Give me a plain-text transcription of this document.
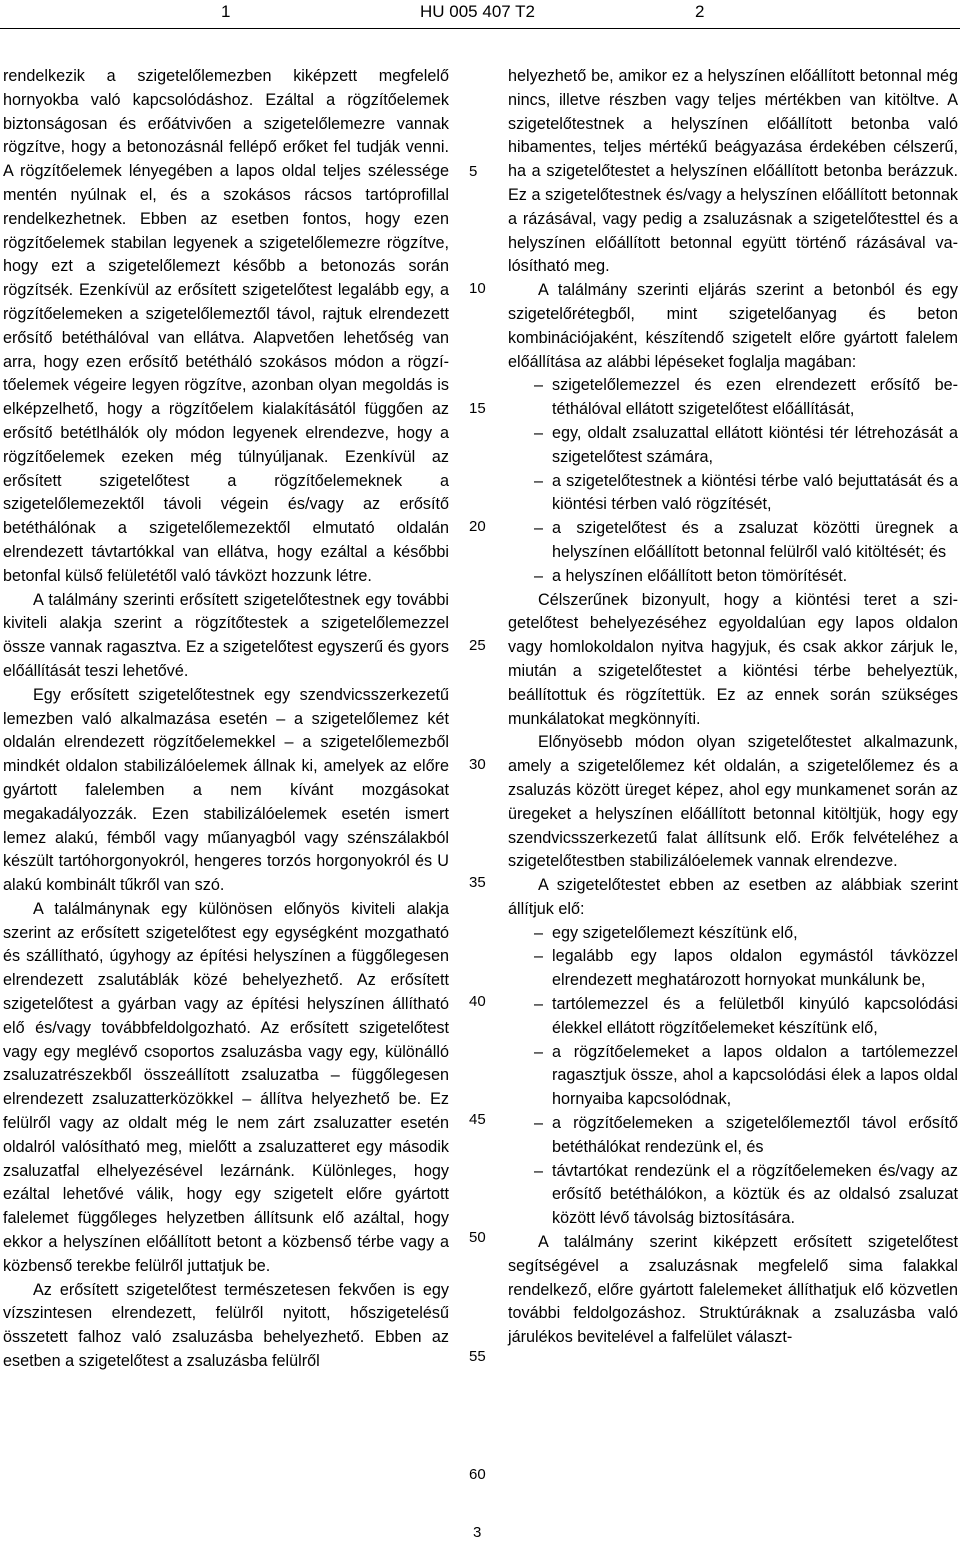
1	HU 005 407 T2	2

rendelkezik a szigetelőlemezben kiképzett megfelelő hornyokba való kapcsolódáshoz. Ezáltal a rögzítőelemek biztonságosan és erőátvivően a szigetelőlemezre vannak rögzítve, hogy a betonozásnál fellépő erőket fel tudják venni. A rögzítőelemek lényegében a lapos oldal teljes szélessége mentén nyúlnak el, és a szokásos rácsos tartóprofillal rendelkezhetnek. Ebben az esetben fontos, hogy ezen rögzítőelemek stabilan legyenek a szigetelőlemezre rögzítve, hogy ezt a szigetelőlemezt később a betonozás során rögzítsék. Ezenkívül az erősített szigetelőtest legalább egy, a rögzítőelemeken a szigetelőlemeztől távol, rajtuk elrendezett erősítő betéthálóval van ellátva. Alapvetően lehetőség van arra, hogy ezen erősítő betétháló szokásos módon a rögzítőelemek végeire legyen rögzítve, azonban olyan megoldás is elképzelhető, hogy a rögzítőelem kialakításától függően az erősítő betétlhálók oly módon legyenek elrendezve, hogy a rögzítőelemek ezeken még túlnyúljanak. Ezenkívül az erősített szigetelőtest a rögzítőelemeknek a szigetelőlemezektől távoli végein és/vagy az erősítő betéthálónak a szigetelőlemezektől elmutató oldalán elrendezett távtartókkal van ellátva, hogy ezáltal a későbbi betonfal külső felületétől való távközt hozzunk létre.

A találmány szerinti erősített szigetelőtestnek egy további kiviteli alakja szerint a rögzítőtestek a szigetelőlemezzel össze vannak ragasztva. Ez a szigetelőtest egyszerű és gyors előállítását teszi lehetővé.

Egy erősített szigetelőtestnek egy szendvicsszerkezetű lemezben való alkalmazása esetén – a szigetelőlemez két oldalán elrendezett rögzítőelemekkel – a szigetelőlemezből mindkét oldalon stabilizálóelemek állnak ki, amelyek az előre gyártott falelemben a nem kívánt mozgásokat megakadályozzák. Ezen stabilizálóelemek esetén ismert lemez alakú, fémből vagy műanyagból vagy szénszálakból készült tartóhorgonyokról, hengeres torzós horgonyokról és U alakú kombinált tűkről van szó.

A találmánynak egy különösen előnyös kiviteli alakja szerint az erősített szigetelőtest egy egységként mozgatható és szállítható, úgyhogy az építési helyszínen a függőlegesen elrendezett zsalutáblák közé behelyezhető. Az erősített szigetelőtest a gyárban vagy az építési helyszínen állítható elő és/vagy továbbfeldolgozható. Az erősített szigetelőtest vagy egy meglévő csoportos zsaluzásba vagy egy, különálló zsaluzatrészekből összeállított zsaluzatba – függőlegesen elrendezett zsaluzatterközökkel – állítva helyezhető be. Ez felülről vagy az oldalt még le nem zárt zsaluzatter esetén oldalról valósítható meg, mielőtt a zsaluzatteret egy második zsaluzatfal elhelyezésével lezárnánk. Különleges, hogy ezáltal lehetővé válik, hogy egy szigetelt előre gyártott falelemet függőleges helyzetben állítsunk elő azáltal, hogy ekkor a helyszínen előállított betont a közbenső térbe vagy a közbenső terekbe felülről juttatjuk be.

Az erősített szigetelőtest természetesen fekvően is egy vízszintesen elrendezett, felülről nyitott, hőszigetelésű összetett falhoz való zsaluzásba behelyezhető. Ebben az esetben a szigetelőtest a zsaluzásba felülről

5
10
15
20
25
30
35
40
45
50
55
60

helyezhető be, amikor ez a helyszínen előállított betonnal még nincs, illetve részben vagy teljes mértékben van kitöltve. A szigetelőtestnek a helyszínen előállított betonba való hibamentes, teljes mértékű beágyazása érdekében célszerű, ha a szigetelőtestet a helyszínen előállított betonba berázzuk. Ez a szigetelőtestnek és/vagy a helyszínen előállított betonnak a rázásával, vagy pedig a zsaluzásnak a szigetelőtesttel és a helyszínen előállított betonnal együtt történő rázásával valósítható meg.

A találmány szerinti eljárás szerint a betonból és egy szigetelőrétegből, mint szigetelőanyag és beton kombinációjaként, készítendő szigetelt előre gyártott falelem előállítása az alábbi lépéseket foglalja magában:

– szigetelőlemezzel és ezen elrendezett erősítő betéthálóval ellátott szigetelőtest előállítását,
– egy, oldalt zsaluzattal ellátott kiöntési tér létrehozását a szigetelőtest számára,
– a szigetelőtestnek a kiöntési térbe való bejuttatását és a kiöntési térben való rögzítését,
– a szigetelőtest és a zsaluzat közötti üregnek a helyszínen előállított betonnal felülről való kitöltését; és
– a helyszínen előállított beton tömörítését.

Célszerűnek bizonyult, hogy a kiöntési teret a szigetelőtest behelyezéséhez egyoldalúan egy lapos oldalon vagy homlokoldalon nyitva hagyjuk, és csak akkor zárjuk le, miután a szigetelőtestet a kiöntési térbe behelyeztük, beállítottuk és rögzítettük. Ez az ennek során szükséges munkálatokat megkönnyíti.

Előnyösebb módon olyan szigetelőtestet alkalmazunk, amely a szigetelőlemez két oldalán, a szigetelőlemez és a zsaluzás között üreget képez, ahol egy munkamenet során az üregeket a helyszínen előállított betonnal kitöltjük, hogy egy szendvicsszerkezetű falat állítsunk elő. Erők felvételéhez a szigetelőtestben stabilizálóelemek vannak elrendezve.

A szigetelőtestet ebben az esetben az alábbiak szerint állítjuk elő:

– egy szigetelőlemezt készítünk elő,
– legalább egy lapos oldalon egymástól távközzel elrendezett meghatározott hornyokat munkálunk be,
– tartólemezzel és a felületből kinyúló kapcsolódási élekkel ellátott rögzítőelemeket készítünk elő,
– a rögzítőelemeket a lapos oldalon a tartólemezzel ragasztjuk össze, ahol a kapcsolódási élek a lapos oldal hornyaiba kapcsolódnak,
– a rögzítőelemeken a szigetelőlemeztől távol erősítő betéthálókat rendezünk el, és
– távtartókat rendezünk el a rögzítőelemeken és/vagy az erősítő betéthálókon, a köztük és az oldalsó zsaluzat között lévő távolság biztosítására.

A találmány szerint kiképzett erősített szigetelőtest segítségével a zsaluzásnak megfelelő sima falakkal rendelkező, előre gyártott falelemeket állíthatjuk elő közvetlen további feldolgozáshoz. Struktúráknak a zsaluzásba való járulékos bevitelével a falfelület választ-

3
